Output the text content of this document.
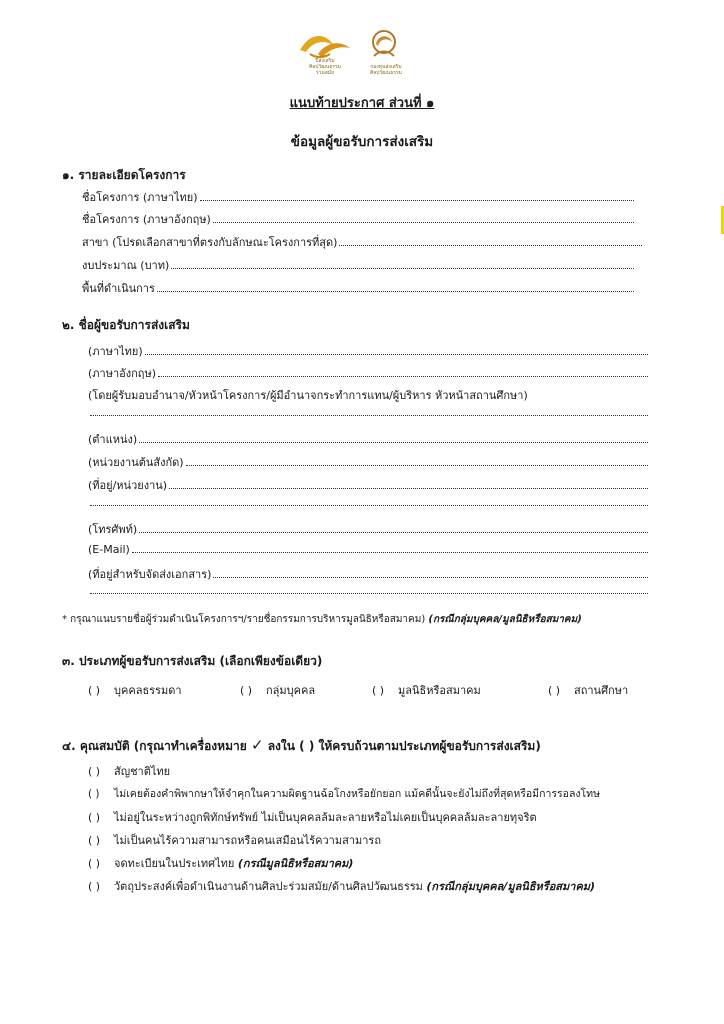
ปีส่งเสริม
ศิลปวัฒนธรรม
ร่วมสมัย
กองทุนส่งเสริม
ศิลปวัฒนธรรม
แนบท้ายประกาศ ส่วนที่ ๑
ข้อมูลผู้ขอรับการส่งเสริม
๑. รายละเอียดโครงการ
ชื่อโครงการ (ภาษาไทย)
ชื่อโครงการ (ภาษาอังกฤษ)
สาขา (โปรดเลือกสาขาที่ตรงกับลักษณะโครงการที่สุด)
งบประมาณ (บาท)
พื้นที่ดำเนินการ
๒. ชื่อผู้ขอรับการส่งเสริม
(ภาษาไทย)
(ภาษาอังกฤษ)
(โดยผู้รับมอบอำนาจ/หัวหน้าโครงการ/ผู้มีอำนาจกระทำการแทน/ผู้บริหาร หัวหน้าสถานศึกษา)
(ตำแหน่ง)
(หน่วยงานต้นสังกัด)
(ที่อยู่/หน่วยงาน)
(โทรศัพท์)
(E-Mail)
(ที่อยู่สำหรับจัดส่งเอกสาร)
* กรุณาแนบรายชื่อผู้ร่วมดำเนินโครงการฯ/รายชื่อกรรมการบริหารมูลนิธิหรือสมาคม) (กรณีกลุ่มบุคคล/มูลนิธิหรือสมาคม)
๓. ประเภทผู้ขอรับการส่งเสริม (เลือกเพียงข้อเดียว)
( ) บุคคลธรรมดา	( ) กลุ่มบุคคล	( ) มูลนิธิหรือสมาคม	( ) สถานศึกษา
๔. คุณสมบัติ (กรุณาทำเครื่องหมาย ✓ ลงใน ( ) ให้ครบถ้วนตามประเภทผู้ขอรับการส่งเสริม)
( ) สัญชาติไทย
( ) ไม่เคยต้องคำพิพากษาให้จำคุกในความผิดฐานฉ้อโกงหรือยักยอก แม้คดีนั้นจะยังไม่ถึงที่สุดหรือมีการรอลงโทษ
( ) ไม่อยู่ในระหว่างถูกพิทักษ์ทรัพย์ ไม่เป็นบุคคลล้มละลายหรือไม่เคยเป็นบุคคลล้มละลายทุจริต
( ) ไม่เป็นคนไร้ความสามารถหรือคนเสมือนไร้ความสามารถ
( ) จดทะเบียนในประเทศไทย (กรณีมูลนิธิหรือสมาคม)
( ) วัตถุประสงค์เพื่อดำเนินงานด้านศิลปะร่วมสมัย/ด้านศิลปวัฒนธรรม (กรณีกลุ่มบุคคล/มูลนิธิหรือสมาคม)
